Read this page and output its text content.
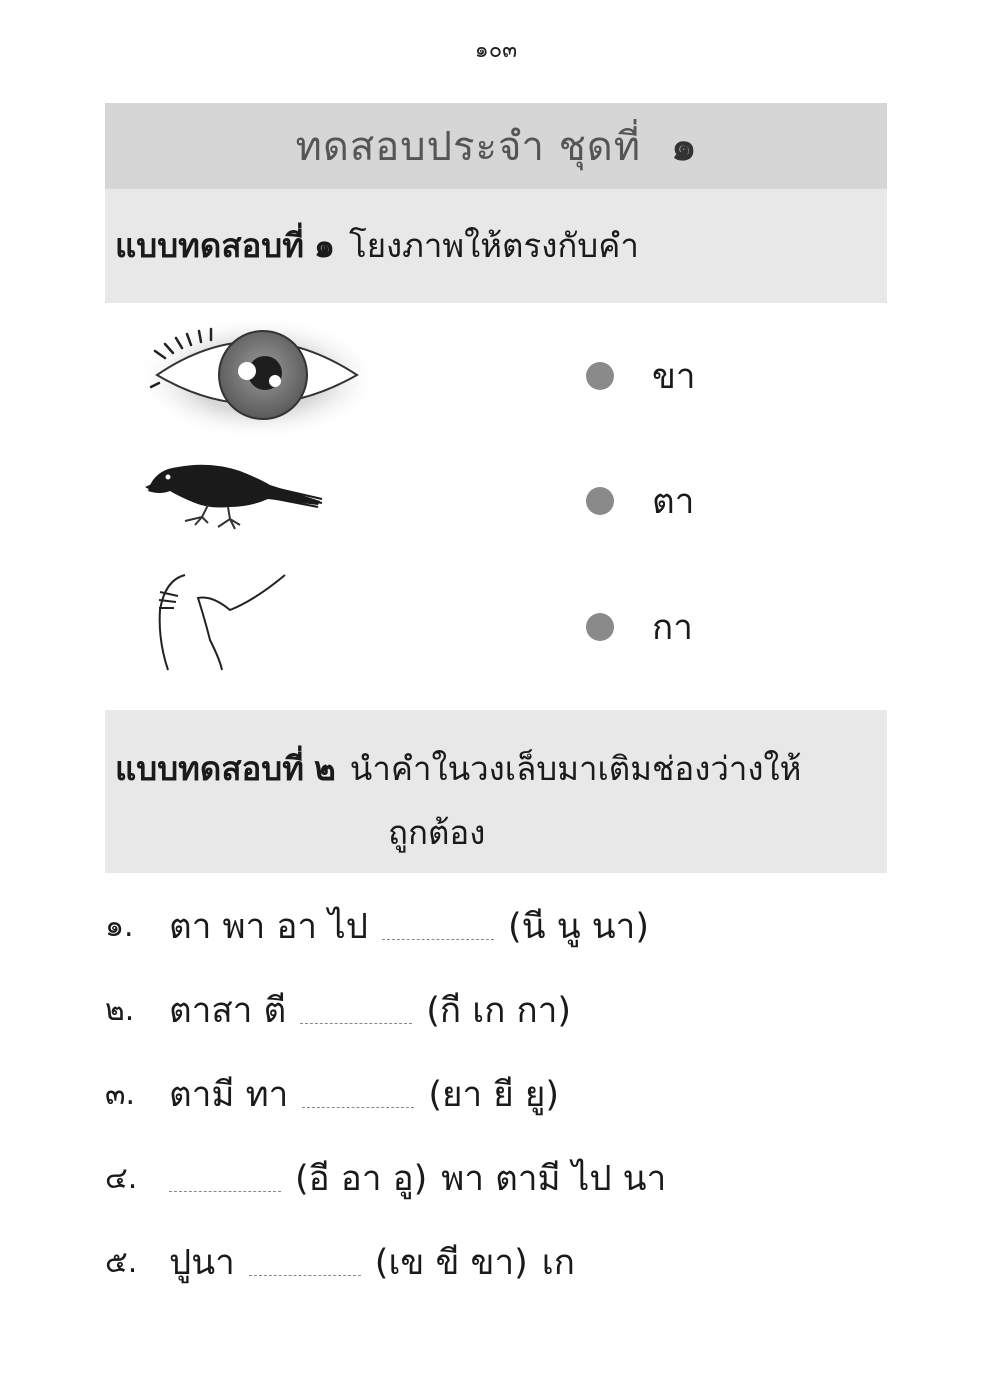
๑๐๓
ทดสอบประจำ ชุดที่ ๑
แบบทดสอบที่ ๑ โยงภาพให้ตรงกับคำ
ขา
ตา
กา
แบบทดสอบที่ ๒ นำคำในวงเล็บมาเติมช่องว่างให้
ถูกต้อง
๑.	ตา พา อา ไป	(นี นู นา)
๒. ตาสา ตี	(กี เก กา)
๓. ตามี ทา	(ยา ยี ยู)
๔.	(อี อา อู) พา ตามี ไป นา
๕. ปูนา	(เข ขี ขา) เก
